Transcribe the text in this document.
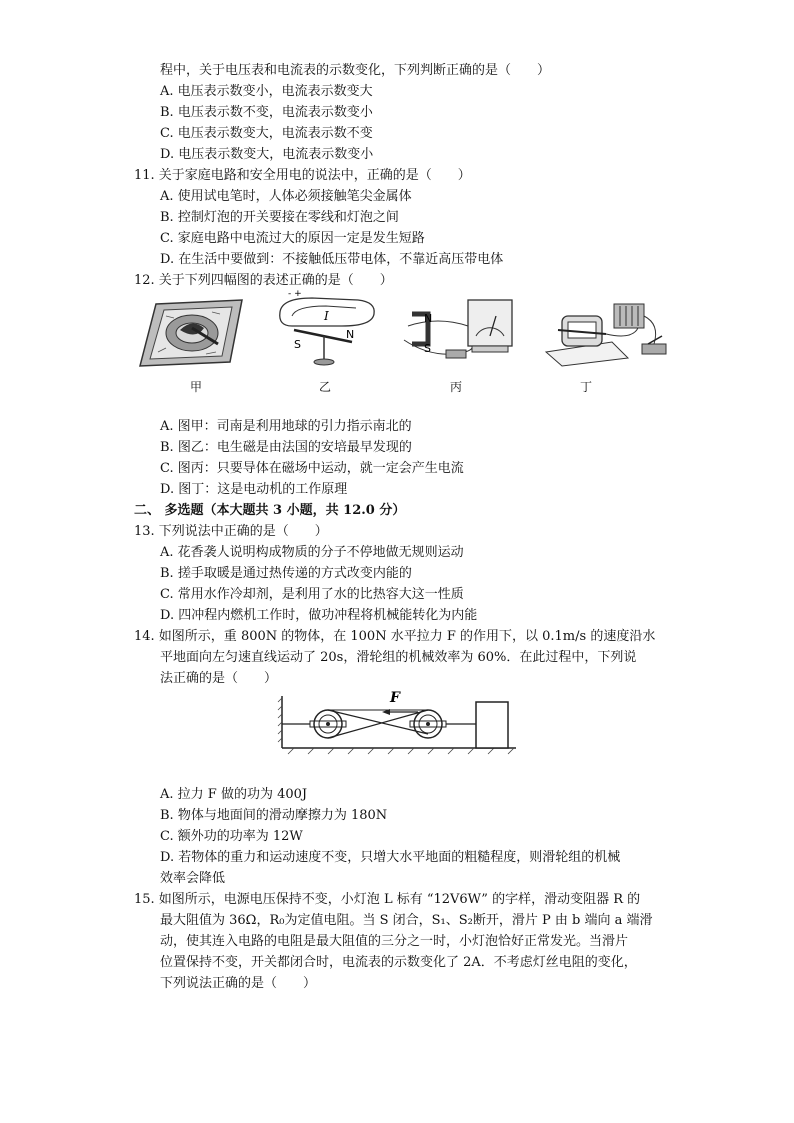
程中，关于电压表和电流表的示数变化，下列判断正确的是（　　）
A. 电压表示数变小，电流表示数变大
B. 电压表示数不变，电流表示数变小
C. 电压表示数变大，电流表示数不变
D. 电压表示数变大，电流表示数变小
11. 关于家庭电路和安全用电的说法中，正确的是（　　）
A. 使用试电笔时，人体必须接触笔尖金属体
B. 控制灯泡的开关要接在零线和灯泡之间
C. 家庭电路中电流过大的原因一定是发生短路
D. 在生活中要做到：不接触低压带电体，不靠近高压带电体
12. 关于下列四幅图的表述正确的是（　　）
甲
- +
I
S
N
乙
N
S
丙	丁
A. 图甲：司南是利用地球的引力指示南北的
B. 图乙：电生磁是由法国的安培最早发现的
C. 图丙：只要导体在磁场中运动，就一定会产生电流
D. 图丁：这是电动机的工作原理
二、 多选题（本大题共 3 小题，共 12.0 分）
13. 下列说法中正确的是（　　）
A. 花香袭人说明构成物质的分子不停地做无规则运动
B. 搓手取暖是通过热传递的方式改变内能的
C. 常用水作冷却剂，是利用了水的比热容大这一性质
D. 四冲程内燃机工作时，做功冲程将机械能转化为内能
14. 如图所示，重 800N 的物体，在 100N 水平拉力 F 的作用下，以 0.1m/s 的速度沿水
平地面向左匀速直线运动了 20s，滑轮组的机械效率为 60%．在此过程中，下列说
法正确的是（　　）
F
A. 拉力 F 做的功为 400J
B. 物体与地面间的滑动摩擦力为 180N
C. 额外功的功率为 12W
D. 若物体的重力和运动速度不变，只增大水平地面的粗糙程度，则滑轮组的机械
效率会降低
15. 如图所示，电源电压保持不变，小灯泡 L 标有 “12V6W” 的字样，滑动变阻器 R 的
最大阻值为 36Ω，R₀为定值电阻。当 S 闭合，S₁、S₂断开，滑片 P 由 b 端向 a 端滑
动，使其连入电路的电阻是最大阻值的三分之一时，小灯泡恰好正常发光。当滑片
位置保持不变，开关都闭合时，电流表的示数变化了 2A．不考虑灯丝电阻的变化，
下列说法正确的是（　　）
